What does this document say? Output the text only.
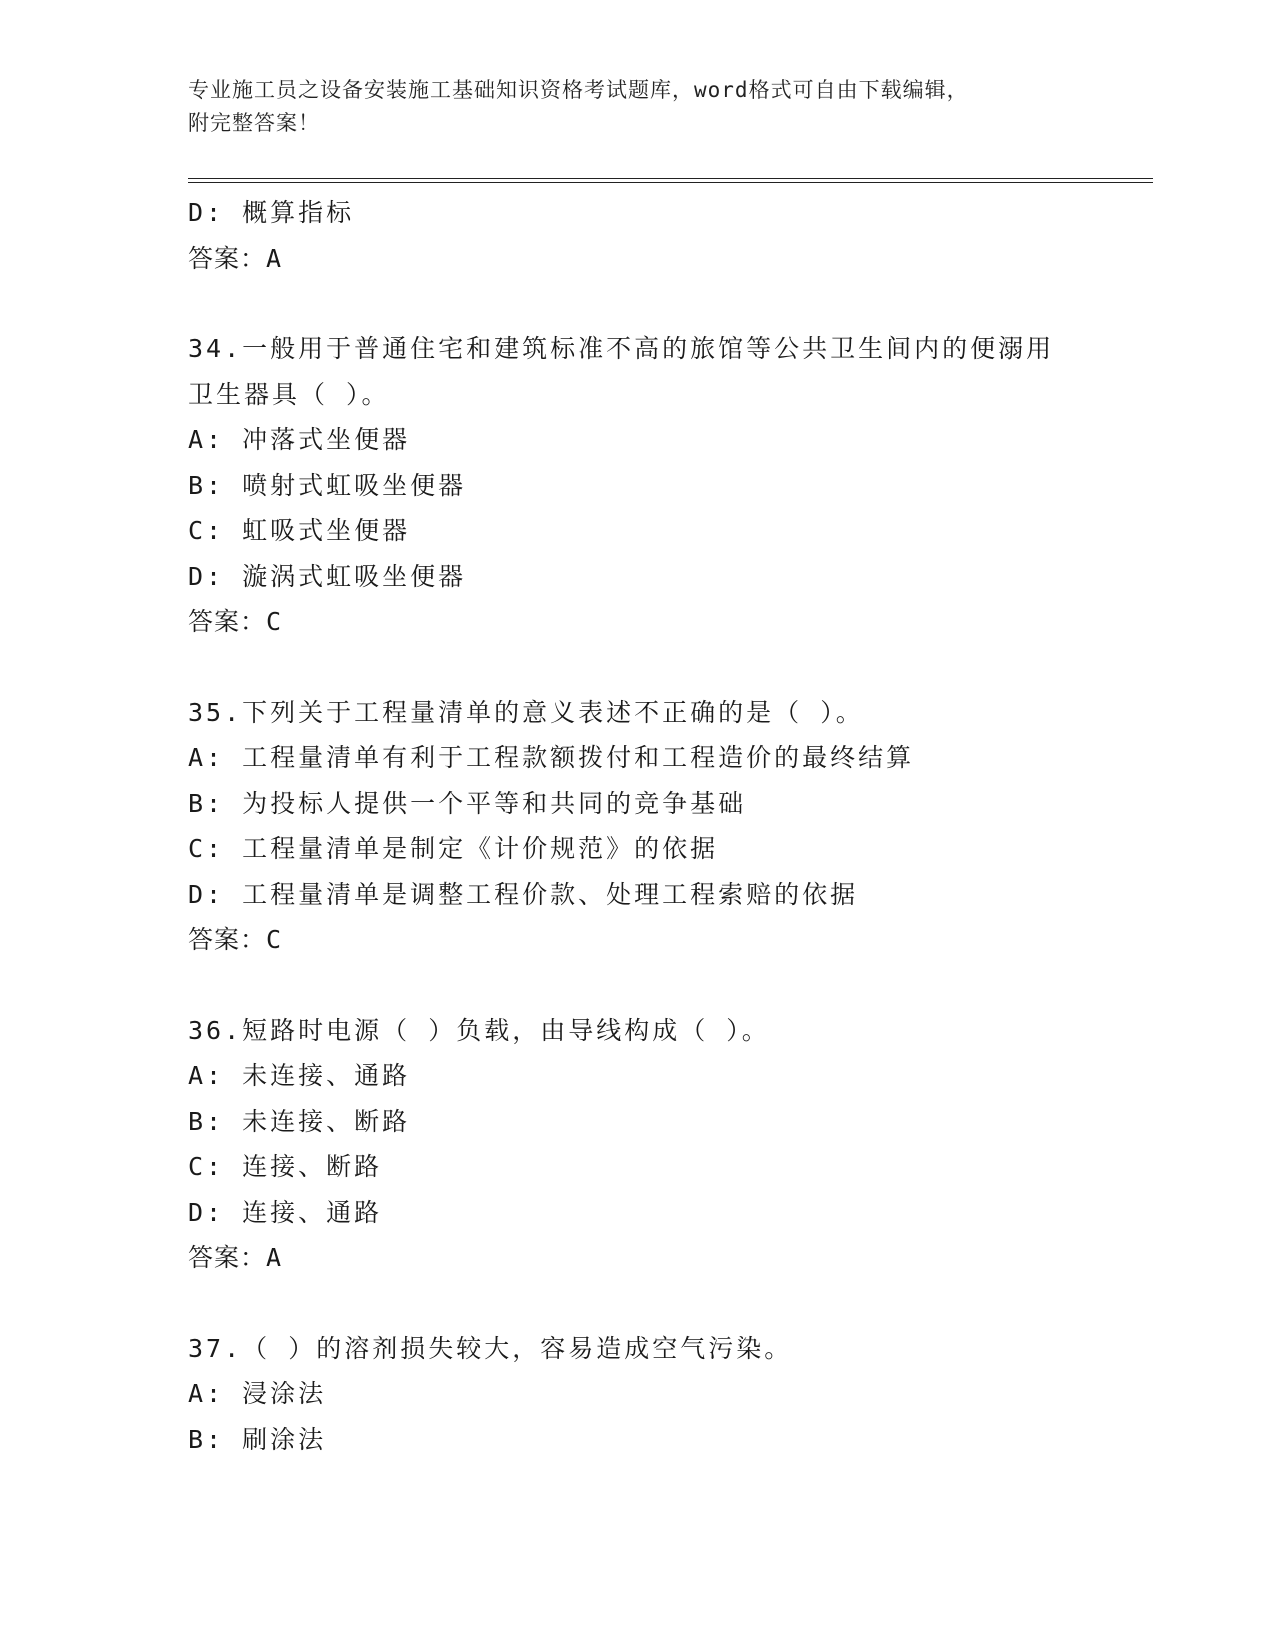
专业施工员之设备安装施工基础知识资格考试题库，word格式可自由下载编辑，
附完整答案！
D: 概算指标
答案：A
34.一般用于普通住宅和建筑标准不高的旅馆等公共卫生间内的便溺用
卫生器具（ ）。
A: 冲落式坐便器
B: 喷射式虹吸坐便器
C: 虹吸式坐便器
D: 漩涡式虹吸坐便器
答案：C
35.下列关于工程量清单的意义表述不正确的是（ ）。
A: 工程量清单有利于工程款额拨付和工程造价的最终结算
B: 为投标人提供一个平等和共同的竞争基础
C: 工程量清单是制定《计价规范》的依据
D: 工程量清单是调整工程价款、处理工程索赔的依据
答案：C
36.短路时电源（ ）负载，由导线构成（ ）。
A: 未连接、通路
B: 未连接、断路
C: 连接、断路
D: 连接、通路
答案：A
37.（ ）的溶剂损失较大，容易造成空气污染。
A: 浸涂法
B: 刷涂法
